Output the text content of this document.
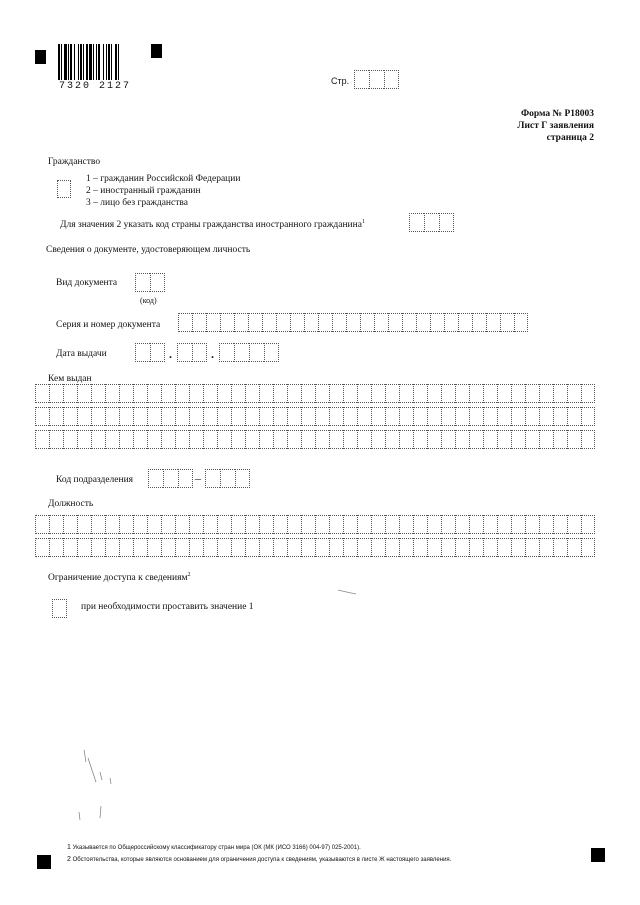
7320 2127	Стр.
Форма № Р18003
Лист Г заявления
страница 2
Гражданство
1 – гражданин Российской Федерации
2 – иностранный гражданин
3 – лицо без гражданства
Для значения 2 указать код страны гражданства иностранного гражданина$^1$
Сведения о документе, удостоверяющем личность
Вид документа
(код)
Серия и номер документа
Дата выдачи	.	.
Кем выдан
Код подразделения	–
Должность
Ограничение доступа к сведениям$^2$
при необходимости проставить значение 1
1 Указывается по Общероссийскому классификатору стран мира (ОК (МК (ИСО 3166) 004-97) 025-2001).
2 Обстоятельства, которые являются основанием для ограничения доступа к сведениям, указываются в листе Ж настоящего заявления.
